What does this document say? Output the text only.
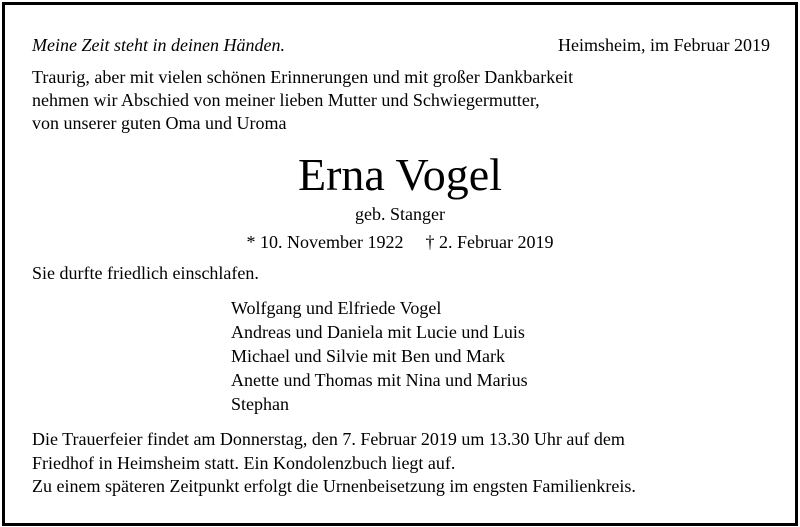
Meine Zeit steht in deinen Händen.	Heimsheim, im Februar 2019
Traurig, aber mit vielen schönen Erinnerungen und mit großer Dankbarkeit
nehmen wir Abschied von meiner lieben Mutter und Schwiegermutter,
von unserer guten Oma und Uroma
Erna Vogel
geb. Stanger
* 10. November 1922 † 2. Februar 2019
Sie durfte friedlich einschlafen.
Wolfgang und Elfriede Vogel
Andreas und Daniela mit Lucie und Luis
Michael und Silvie mit Ben und Mark
Anette und Thomas mit Nina und Marius
Stephan
Die Trauerfeier findet am Donnerstag, den 7. Februar 2019 um 13.30 Uhr auf dem
Friedhof in Heimsheim statt. Ein Kondolenzbuch liegt auf.
Zu einem späteren Zeitpunkt erfolgt die Urnenbeisetzung im engsten Familienkreis.
